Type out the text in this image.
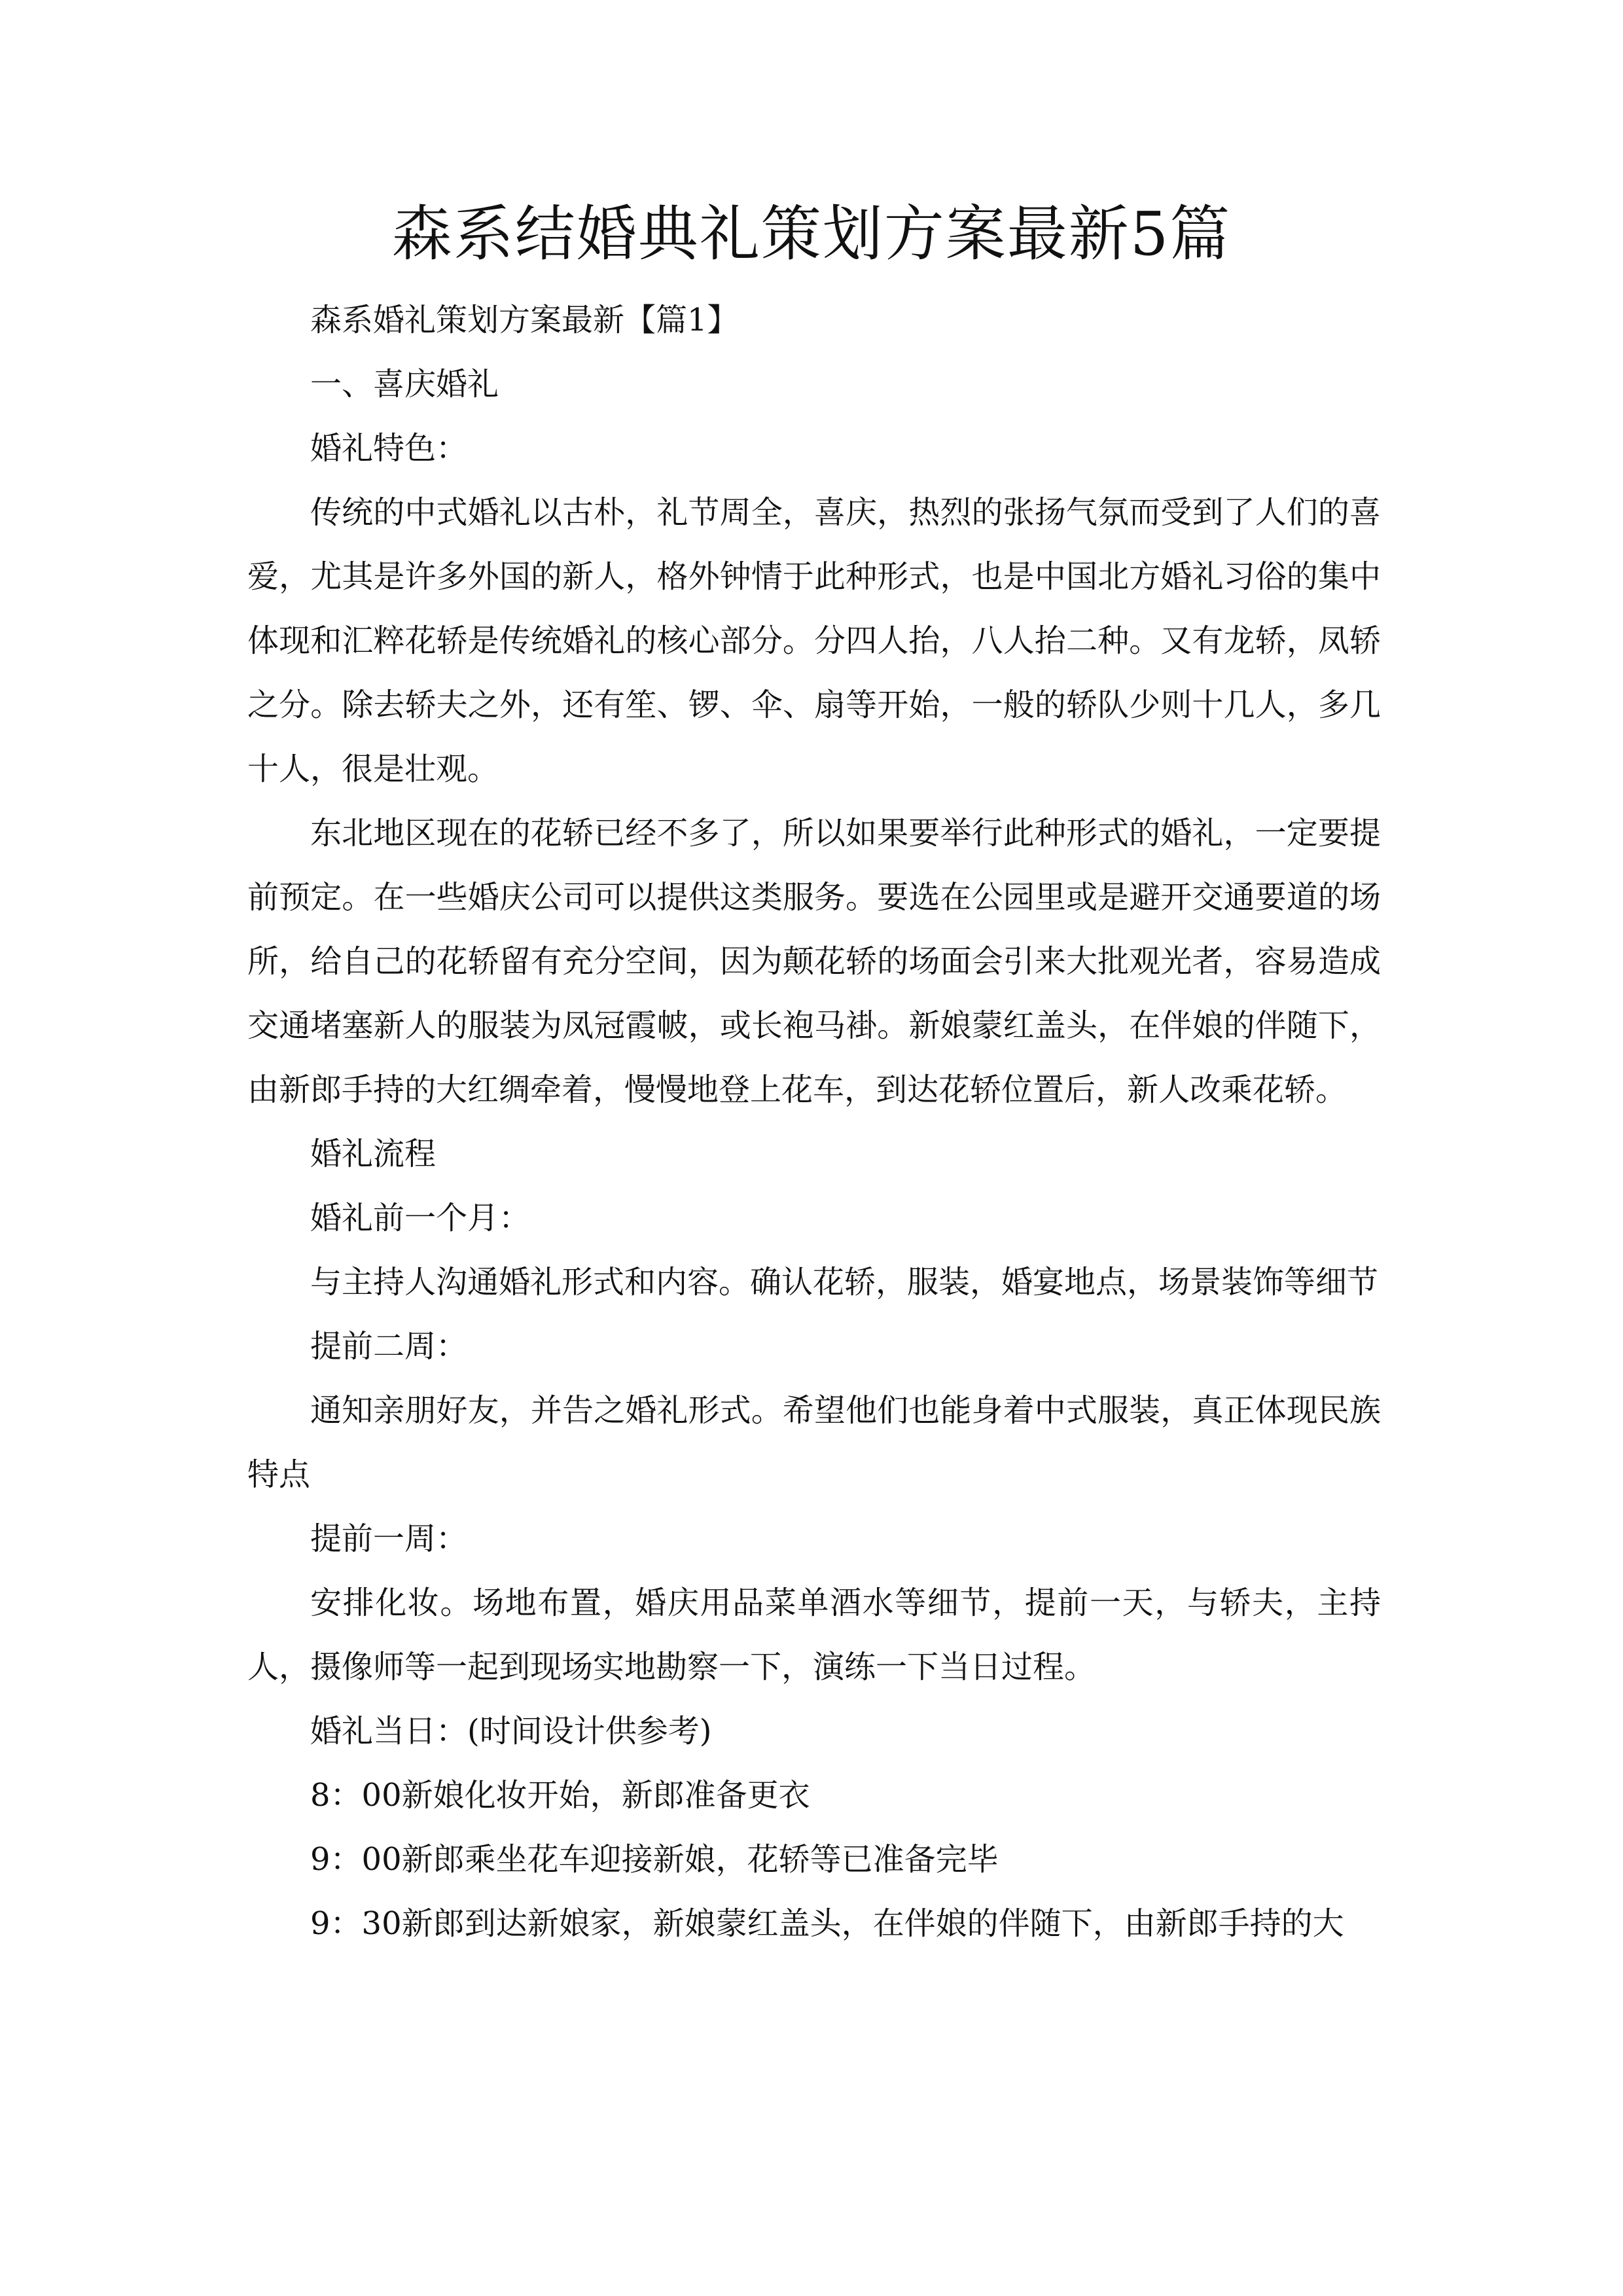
森系结婚典礼策划方案最新5篇

森系婚礼策划方案最新【篇1】

一、喜庆婚礼

婚礼特色：

传统的中式婚礼以古朴，礼节周全，喜庆，热烈的张扬气氛而受到了人们的喜爱，尤其是许多外国的新人，格外钟情于此种形式，也是中国北方婚礼习俗的集中体现和汇粹花轿是传统婚礼的核心部分。分四人抬，八人抬二种。又有龙轿，凤轿之分。除去轿夫之外，还有笙、锣、伞、扇等开始，一般的轿队少则十几人，多几十人，很是壮观。

东北地区现在的花轿已经不多了，所以如果要举行此种形式的婚礼，一定要提前预定。在一些婚庆公司可以提供这类服务。要选在公园里或是避开交通要道的场所，给自己的花轿留有充分空间，因为颠花轿的场面会引来大批观光者，容易造成交通堵塞新人的服装为凤冠霞帔，或长袍马褂。新娘蒙红盖头，在伴娘的伴随下，由新郎手持的大红绸牵着，慢慢地登上花车，到达花轿位置后，新人改乘花轿。

婚礼流程

婚礼前一个月：

与主持人沟通婚礼形式和内容。确认花轿，服装，婚宴地点，场景装饰等细节

提前二周：

通知亲朋好友，并告之婚礼形式。希望他们也能身着中式服装，真正体现民族特点

提前一周：

安排化妆。场地布置，婚庆用品菜单酒水等细节，提前一天，与轿夫，主持人，摄像师等一起到现场实地勘察一下，演练一下当日过程。

婚礼当日：(时间设计供参考)

8：00新娘化妆开始，新郎准备更衣

9：00新郎乘坐花车迎接新娘，花轿等已准备完毕

9：30新郎到达新娘家，新娘蒙红盖头，在伴娘的伴随下，由新郎手持的大
